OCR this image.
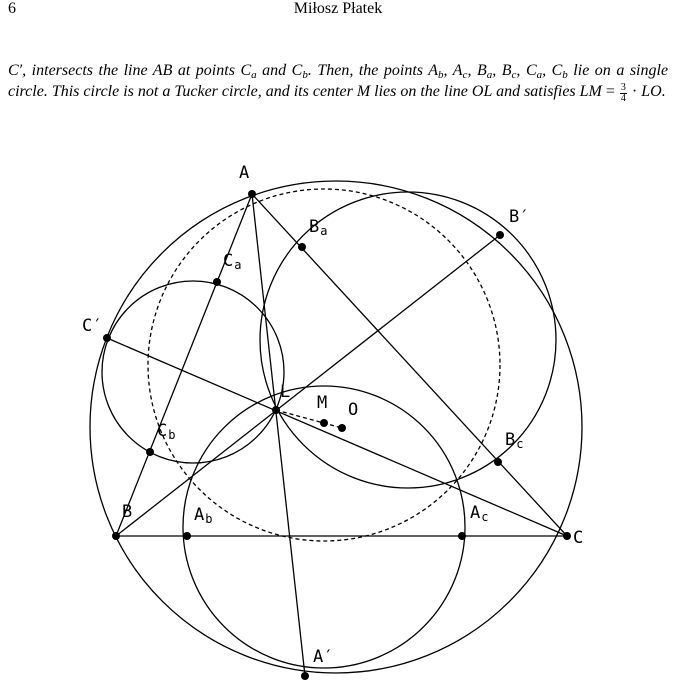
6	Miłosz Płatek

C′, intersects the line AB at points $C_a$ and $C_b$. Then, the points $A_b$, $A_c$, $B_a$, $B_c$, $C_a$, $C_b$ lie on a single circle. This circle is not a Tucker circle, and its center M lies on the line OL and satisfies LM = $\frac{3}{4}$ · LO.

A
B
C
A′
B′
C′
L
M O
Ab	Ac
Ba
Bc
Ca
Cb
